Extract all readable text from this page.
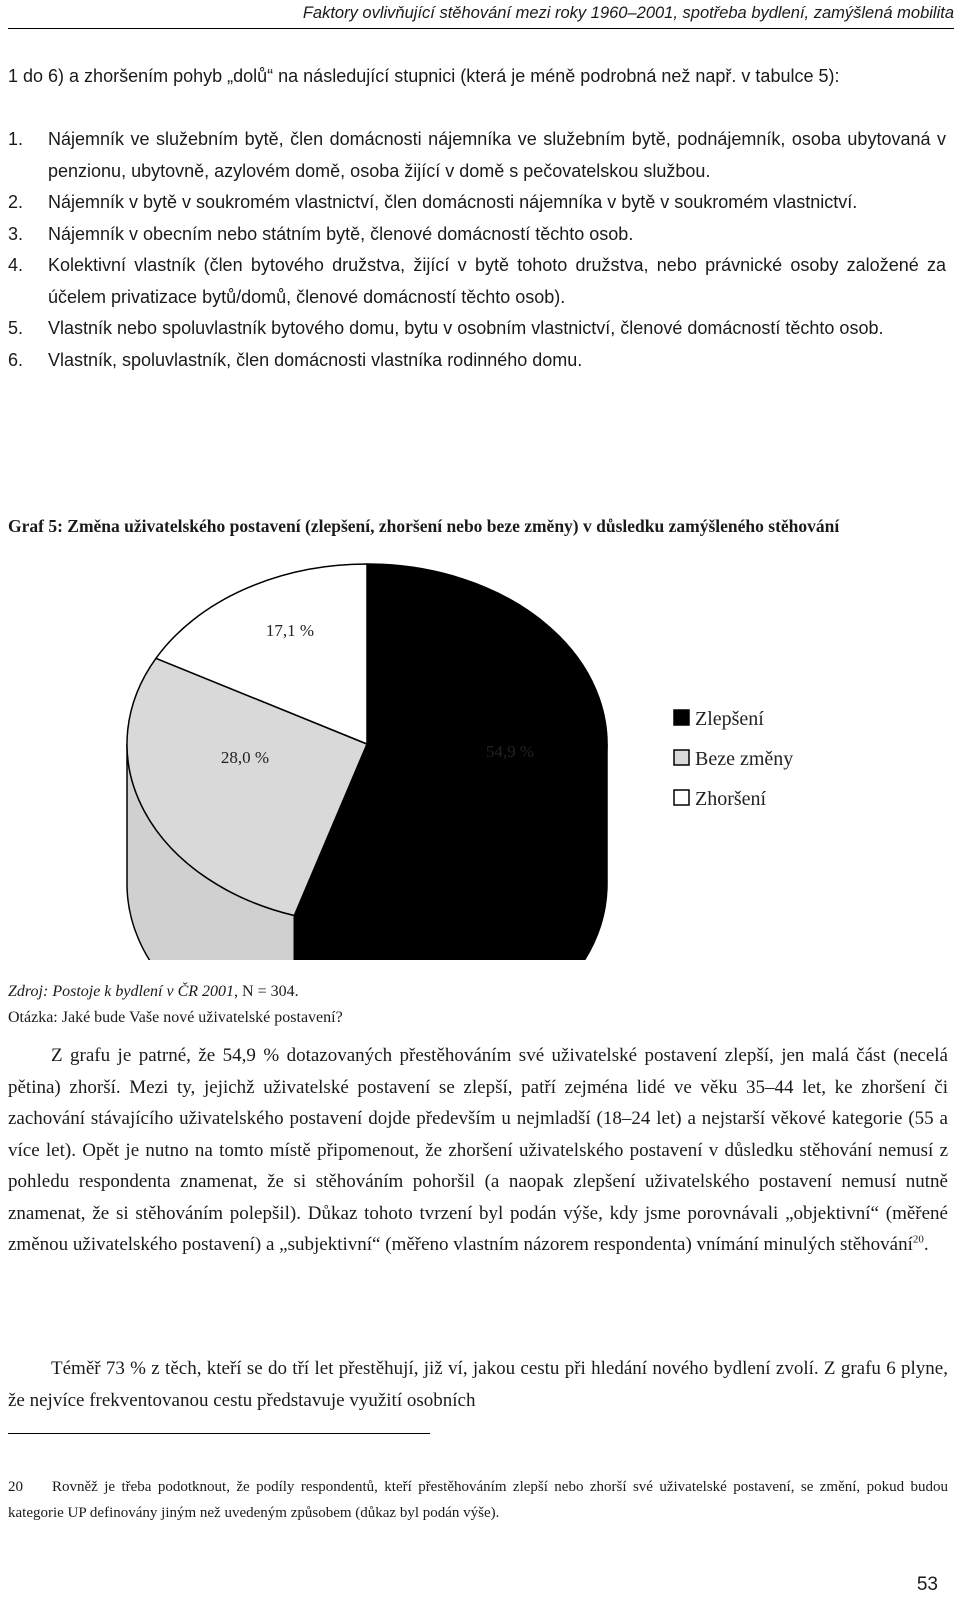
Faktory ovlivňující stěhování mezi roky 1960–2001, spotřeba bydlení, zamýšlená mobilita
1 do 6) a zhoršením pohyb „dolů“ na následující stupnici (která je méně podrobná než např. v tabulce 5):
1. Nájemník ve služebním bytě, člen domácnosti nájemníka ve služebním bytě, podnájemník, osoba ubytovaná v penzionu, ubytovně, azylovém domě, osoba žijící v domě s pečovatelskou službou.
2. Nájemník v bytě v soukromém vlastnictví, člen domácnosti nájemníka v bytě v soukromém vlastnictví.
3. Nájemník v obecním nebo státním bytě, členové domácností těchto osob.
4. Kolektivní vlastník (člen bytového družstva, žijící v bytě tohoto družstva, nebo právnické osoby založené za účelem privatizace bytů/domů, členové domácností těchto osob).
5. Vlastník nebo spoluvlastník bytového domu, bytu v osobním vlastnictví, členové domácností těchto osob.
6. Vlastník, spoluvlastník, člen domácnosti vlastníka rodinného domu.
Graf 5: Změna uživatelského postavení (zlepšení, zhoršení nebo beze změny) v důsledku zamýšleného stěhování
54,9 %
28,0 %
17,1 %
Zlepšení
Beze změny
Zhoršení
Zdroj: Postoje k bydlení v ČR 2001, N = 304.
Otázka: Jaké bude Vaše nové uživatelské postavení?

Z grafu je patrné, že 54,9 % dotazovaných přestěhováním své uživatelské postavení zlepší, jen malá část (necelá pětina) zhorší. Mezi ty, jejichž uživatelské postavení se zlepší, patří zejména lidé ve věku 35–44 let, ke zhoršení či zachování stávajícího uživatelského postavení dojde především u nejmladší (18–24 let) a nejstarší věkové kategorie (55 a více let). Opět je nutno na tomto místě připomenout, že zhoršení uživatelského postavení v důsledku stěhování nemusí z pohledu respondenta znamenat, že si stěhováním pohoršil (a naopak zlepšení uživatelského postavení nemusí nutně znamenat, že si stěhováním polepšil). Důkaz tohoto tvrzení byl podán výše, kdy jsme porovnávali „objektivní“ (měřené změnou uživatelského postavení) a „subjektivní“ (měřeno vlastním názorem respondenta) vnímání minulých stěhování$^{20}$.

Téměř 73 % z těch, kteří se do tří let přestěhují, již ví, jakou cestu při hledání nového bydlení zvolí. Z grafu 6 plyne, že nejvíce frekventovanou cestu představuje využití osobních

20 Rovněž je třeba podotknout, že podíly respondentů, kteří přestěhováním zlepší nebo zhorší své uživatelské postavení, se změní, pokud budou kategorie UP definovány jiným než uvedeným způsobem (důkaz byl podán výše).
53
